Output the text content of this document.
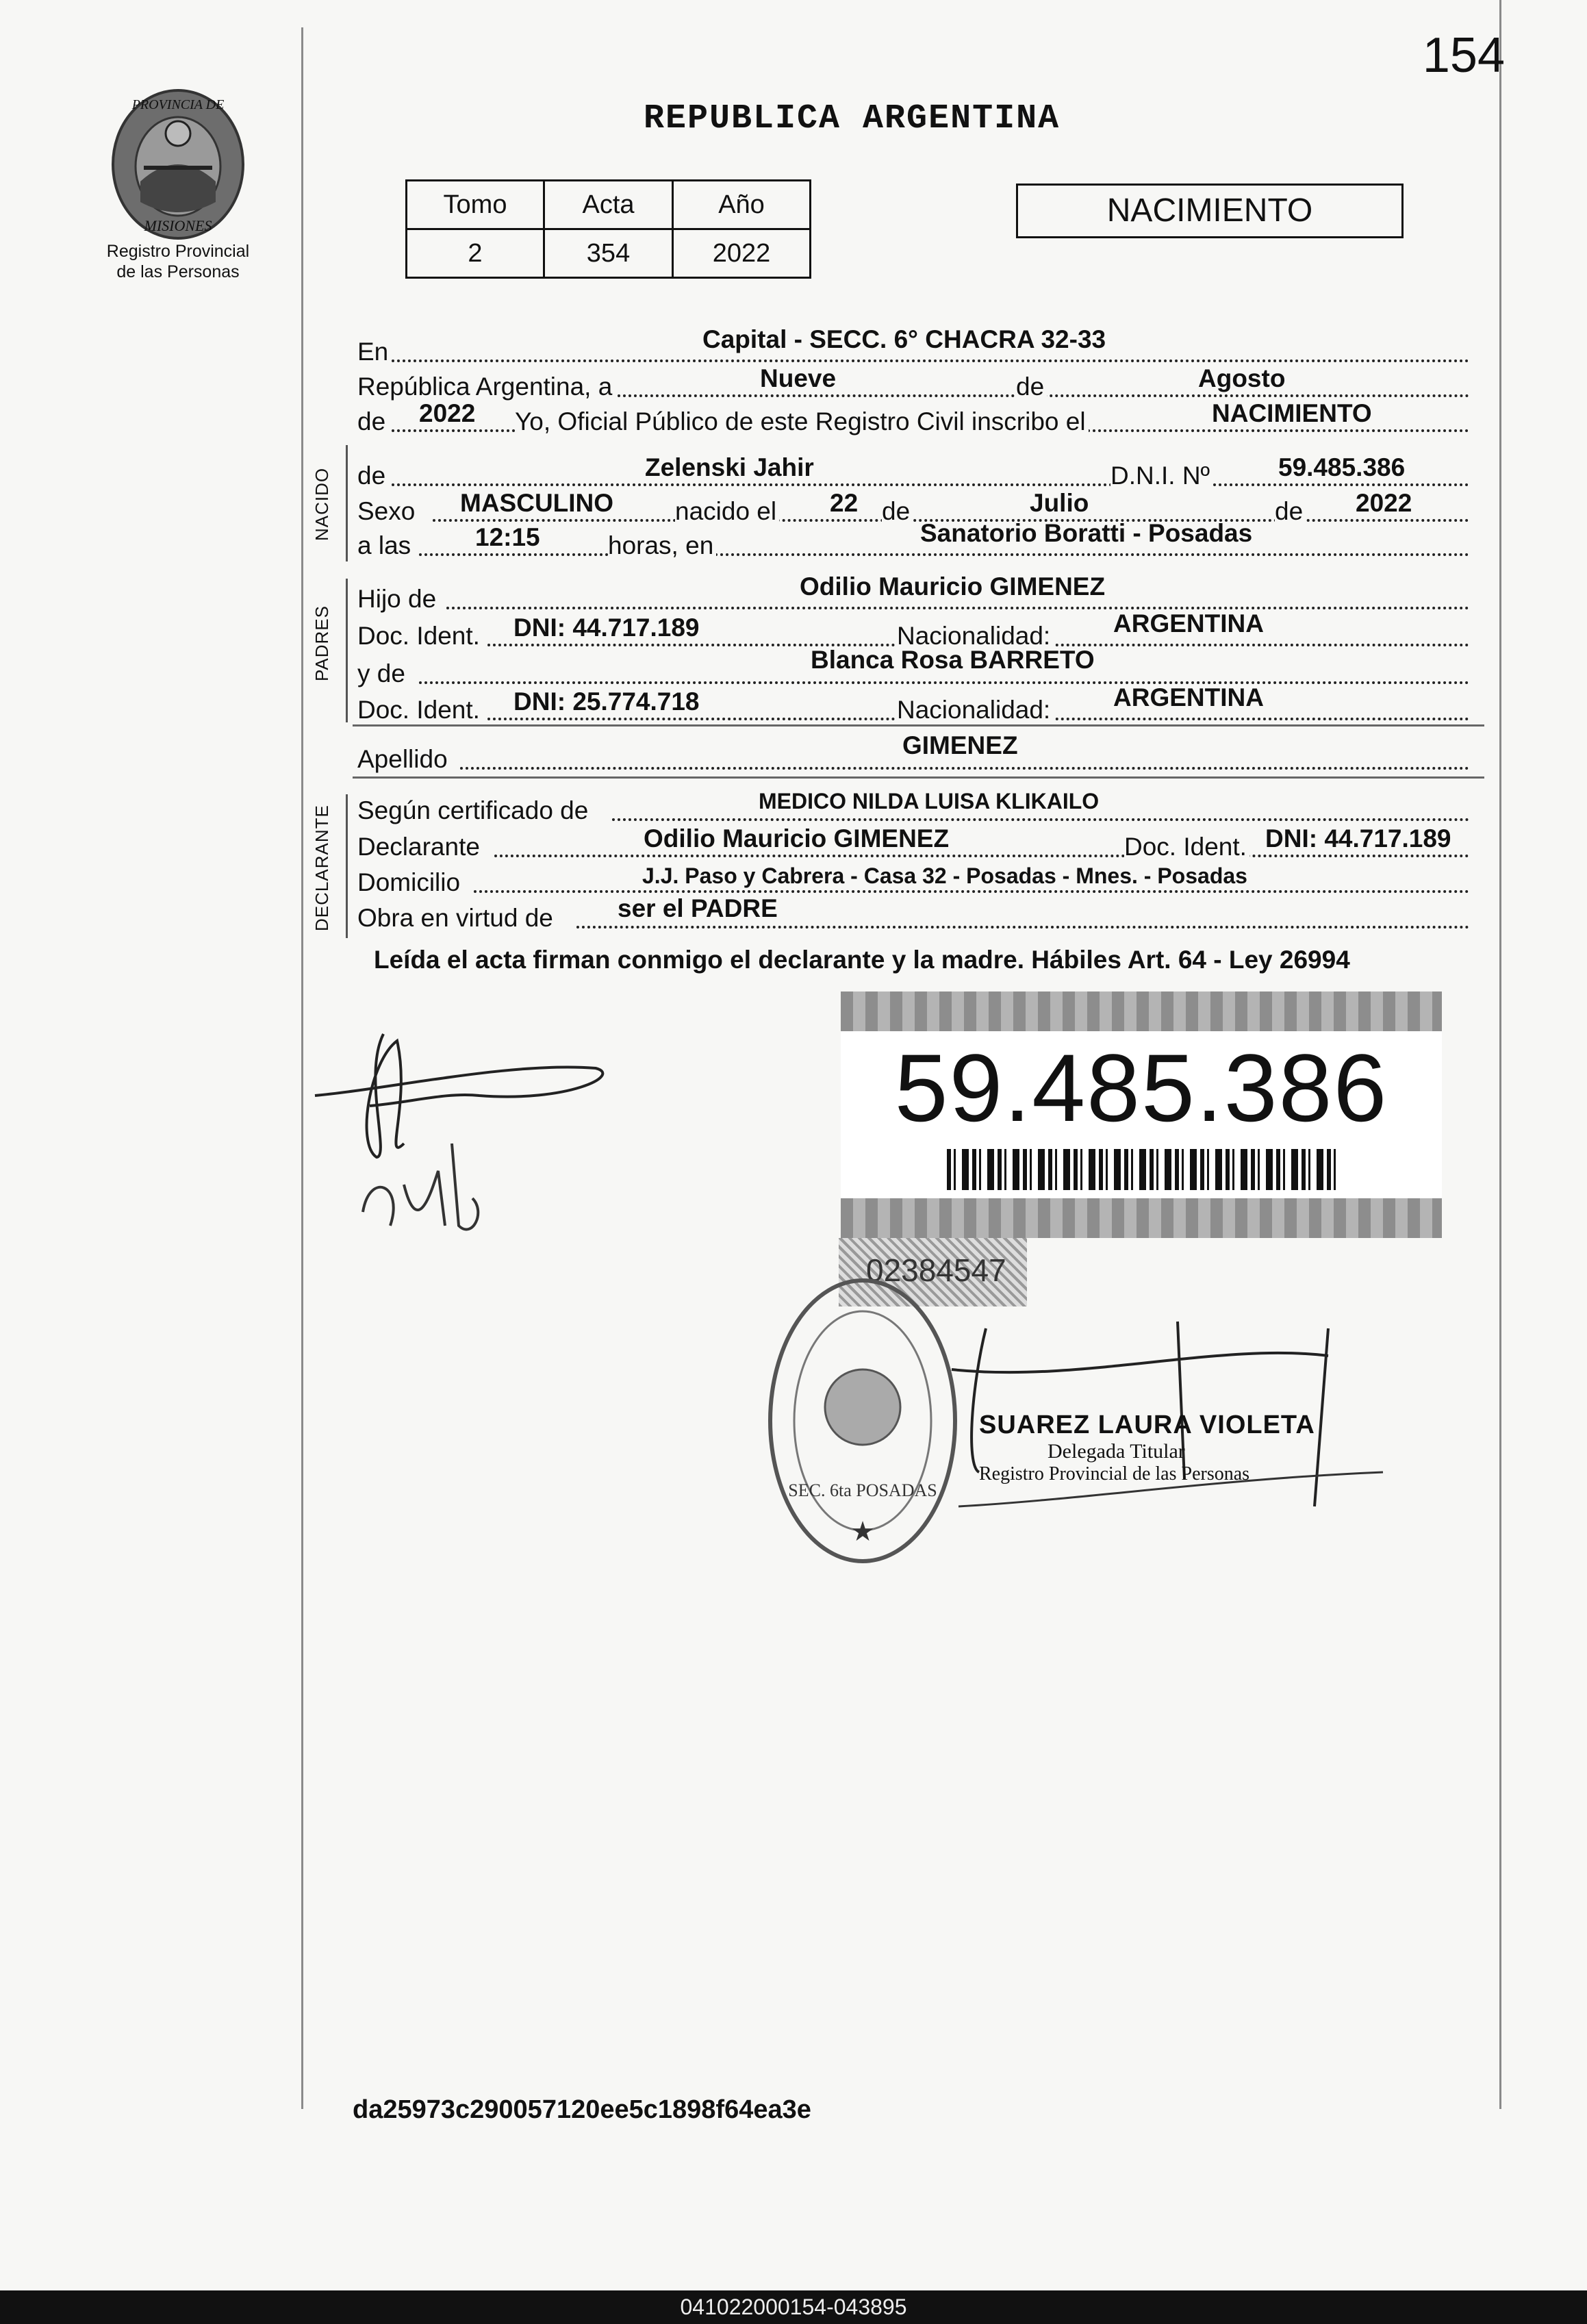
154
REPUBLICA ARGENTINA
PROVINCIA DE
MISIONES
Registro Provincial
de las Personas
Tomo	Acta	Año
2	354	2022
NACIMIENTO
En	Capital - SECC. 6° CHACRA 32-33
República Argentina, a	Nueve	de	Agosto
de 2022 Yo, Oficial Público de este Registro Civil inscribo el	NACIMIENTO
NACIDO de	Zelenski Jahir	D.N.I. Nº	59.485.386
Sexo MASCULINO nacido el 22 de	Julio	de 2022
a las	12:15	horas, en	Sanatorio Boratti - Posadas
PADRES
Hijo de	Odilio Mauricio GIMENEZ
Doc. Ident. DNI: 44.717.189	Nacionalidad: ARGENTINA
y de	Blanca Rosa BARRETO
Doc. Ident. DNI: 25.774.718	Nacionalidad: ARGENTINA
Apellido	GIMENEZ
DECLARANTE Según certificado de	MEDICO NILDA LUISA KLIKAILO
Declarante	Odilio Mauricio GIMENEZ	Doc. Ident. DNI: 44.717.189
Domicilio	J.J. Paso y Cabrera - Casa 32 - Posadas - Mnes. - Posadas
Obra en virtud de	ser el PADRE
Leída el acta firman conmigo el declarante y la madre. Hábiles Art. 64 - Ley 26994
59.485.386
02384547
SEC. 6ta POSADAS
★
SUAREZ LAURA VIOLETA
Delegada Titular
Registro Provincial de las Personas
da25973c290057120ee5c1898f64ea3e
041022000154-043895
